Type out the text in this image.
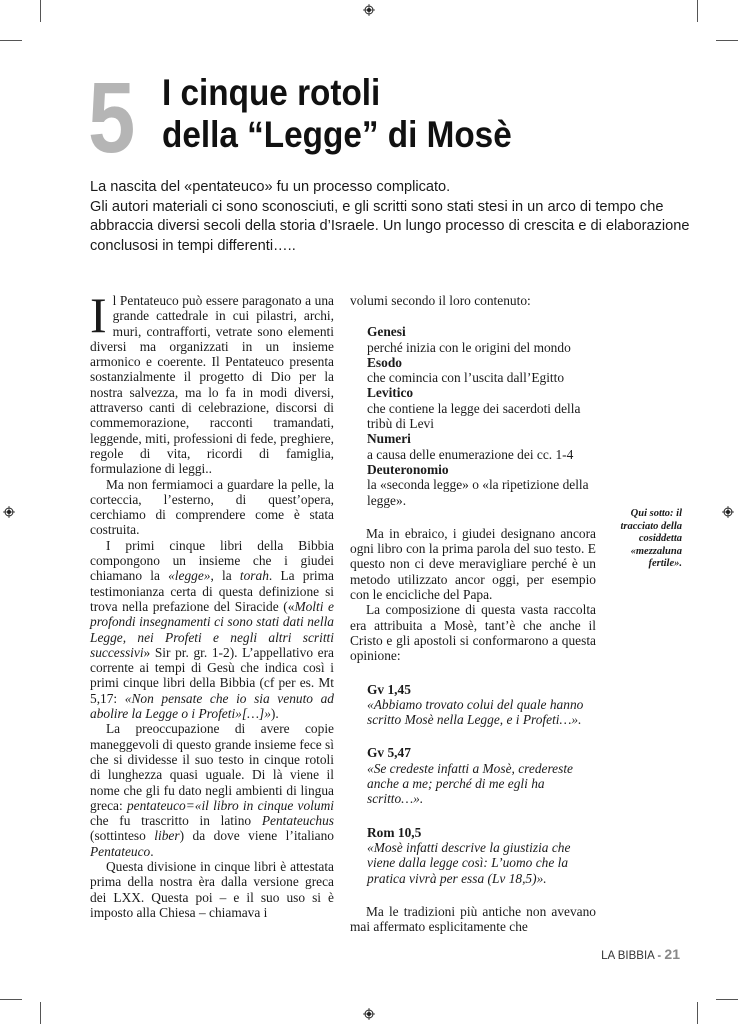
5 I cinque rotoli
della “Legge” di Mosè

La nascita del «pentateuco» fu un processo complicato.

Gli autori materiali ci sono sconosciuti, e gli scritti sono stati stesi in un arco di tempo che abbraccia diversi secoli della storia d’Israele. Un lungo processo di crescita e di elaborazione conclusosi in tempi differenti…..

Il Pentateuco può essere paragonato a una grande cattedrale in cui pilastri, archi, muri, contrafforti, vetrate sono elementi diversi ma organizzati in un insieme armonico e coerente. Il Pentateuco presenta sostanzialmente il progetto di Dio per la nostra salvezza, ma lo fa in modi diversi, attraverso canti di celebrazione, discorsi di commemorazione, racconti tramandati, leggende, miti, professioni di fede, preghiere, regole di vita, ricordi di famiglia, formulazione di leggi..

Ma non fermiamoci a guardare la pelle, la corteccia, l’esterno, di quest’opera, cerchiamo di comprendere come è stata costruita.

I primi cinque libri della Bibbia compongono un insieme che i giudei chiamano la «legge», la torah. La prima testimonianza certa di questa definizione si trova nella prefazione del Siracide («Molti e profondi insegnamenti ci sono stati dati nella Legge, nei Profeti e negli altri scritti successivi» Sir pr. gr. 1-2). L’appellativo era corrente ai tempi di Gesù che indica così i primi cinque libri della Bibbia (cf per es. Mt 5,17: «Non pensate che io sia venuto ad abolire la Legge o i Profeti»[…]»).

La preoccupazione di avere copie maneggevoli di questo grande insieme fece sì che si dividesse il suo testo in cinque rotoli di lunghezza quasi uguale. Di là viene il nome che gli fu dato negli ambienti di lingua greca: pentateuco=«il libro in cinque volumi che fu trascritto in latino Pentateuchus (sottinteso liber) da dove viene l’italiano Pentateuco.

Questa divisione in cinque libri è attestata prima della nostra èra dalla versione greca dei LXX. Questa poi – e il suo uso si è imposto alla Chiesa – chiamava i

volumi secondo il loro contenuto:

Genesi

perché inizia con le origini del mondo

Esodo

che comincia con l’uscita dall’Egitto

Levitico

che contiene la legge dei sacerdoti della tribù di Levi

Numeri

a causa delle enumerazione dei cc. 1-4

Deuteronomio

la «seconda legge» o «la ripetizione della legge».

Ma in ebraico, i giudei designano ancora ogni libro con la prima parola del suo testo. E questo non ci deve meravigliare perché è un metodo utilizzato ancor oggi, per esempio con le encicliche del Papa.

La composizione di questa vasta raccolta era attribuita a Mosè, tant’è che anche il Cristo e gli apostoli si conformarono a questa opinione:

Gv 1,45

«Abbiamo trovato colui del quale hanno scritto Mosè nella Legge, e i Profeti…».

Gv 5,47

«Se credeste infatti a Mosè, credereste anche a me; perché di me egli ha scritto…».

Rom 10,5

«Mosè infatti descrive la giustizia che viene dalla legge così: L’uomo che la pratica vivrà per essa (Lv 18,5)».

Ma le tradizioni più antiche non avevano mai affermato esplicitamente che

Qui sotto: il tracciato della cosiddetta «mezzaluna fertile».
LA BIBBIA - 21
